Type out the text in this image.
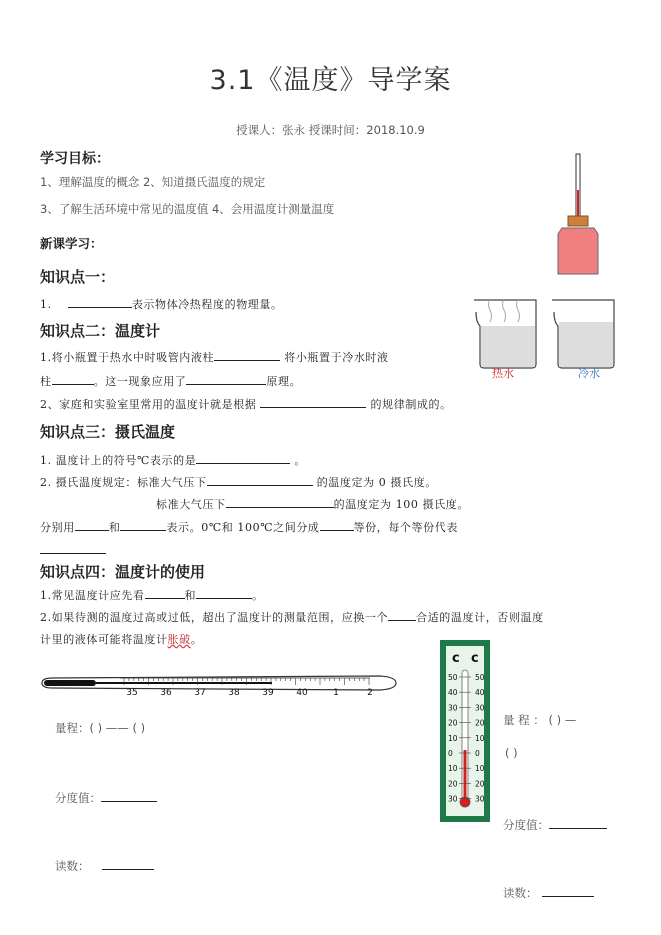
3.1《温度》导学案
授课人：张永 授课时间：2018.10.9
学习目标：
1、理解温度的概念 2、知道摄氏温度的规定
3、了解生活环境中常见的温度值 4、会用温度计测量温度
新课学习：
知识点一：
1.	表示物体冷热程度的物理量。
知识点二：温度计
1.将小瓶置于热水中时吸管内液柱	将小瓶置于冷水时液
柱	。这一现象应用了	原理。
2、家庭和实验室里常用的温度计就是根据	的规律制成的。
知识点三：摄氏温度
1. 温度计上的符号℃表示的是	。
2. 摄氏温度规定：标准大气压下	的温度定为 0 摄氏度。
标准大气压下	的温度定为 100 摄氏度。
分别用	和	表示。0℃和 100℃之间分成	等份，每个等份代表
知识点四：温度计的使用
1.常见温度计应先看	和	。
2.如果待测的温度过高或过低，超出了温度计的测量范围，应换一个	合适的温度计，否则温度
计里的液体可能将温度计胀破。
热水	冷水
35	36	37	38	39	40	1	2
量程：( ) —— ( )
分度值：
读数：
c c
50 50
40 40
30 30
20 20
10 10
0	0
10 10
20 20
30 30
量 程 ： ( ) —
( )
分度值：
读数：
